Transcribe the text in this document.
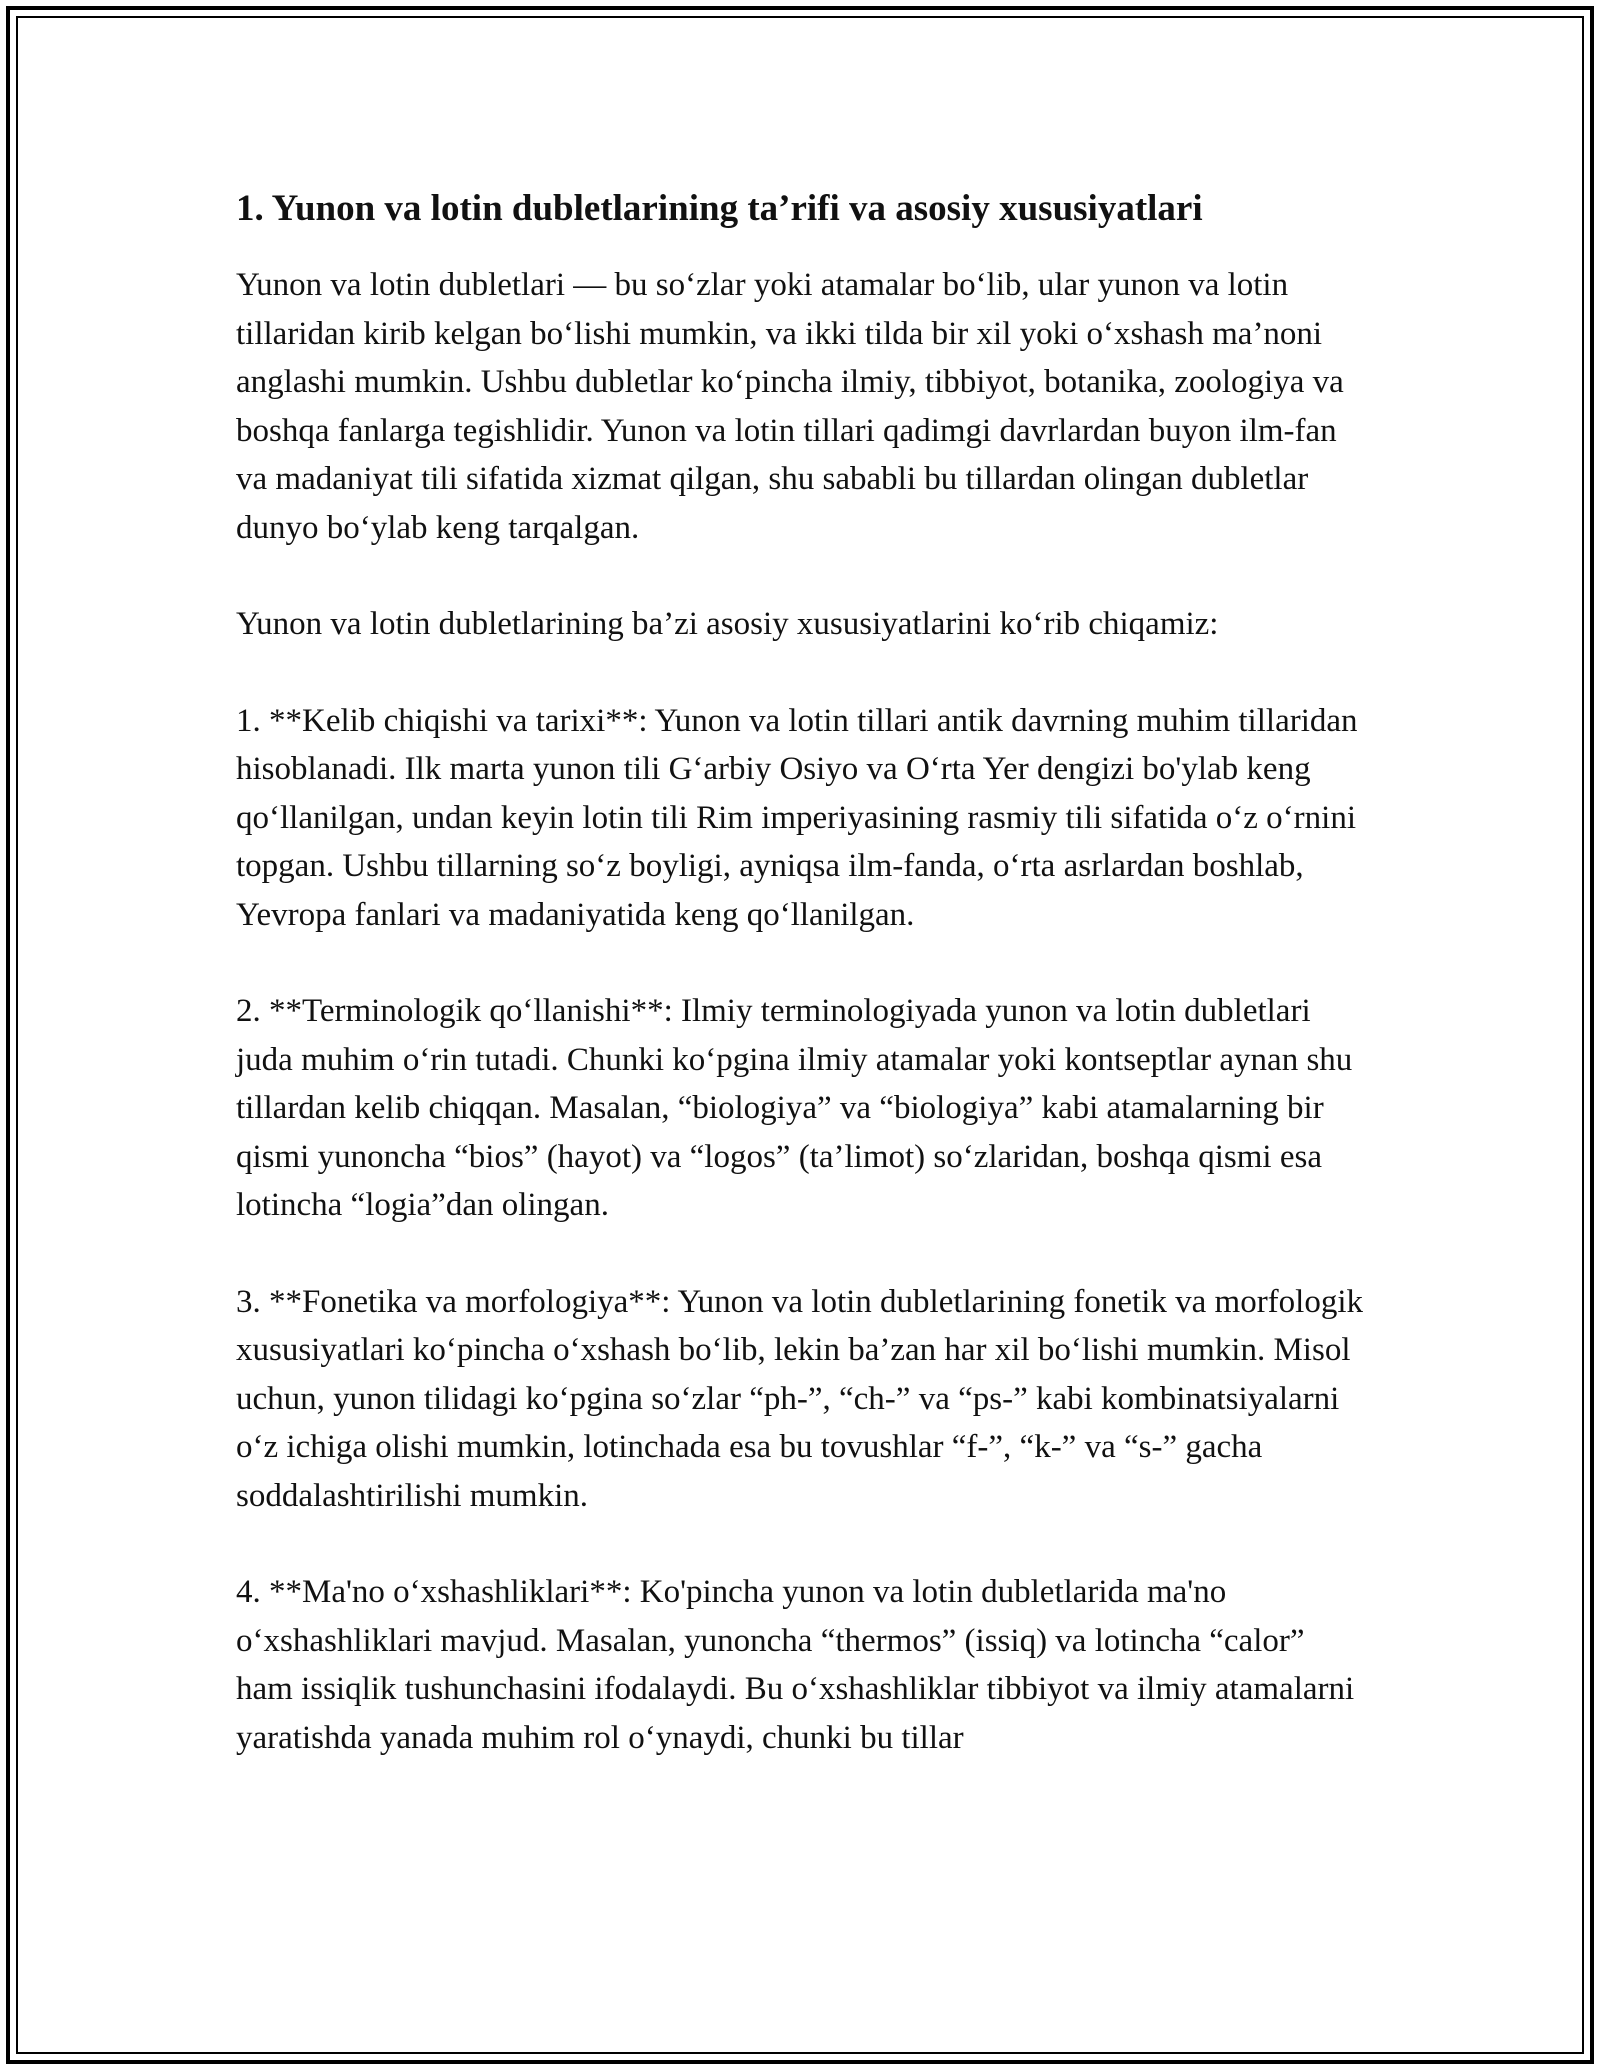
1. Yunon va lotin dubletlarining ta’rifi va asosiy xususiyatlari

Yunon va lotin dubletlari — bu so‘zlar yoki atamalar bo‘lib, ular yunon va lotin tillaridan kirib kelgan bo‘lishi mumkin, va ikki tilda bir xil yoki o‘xshash ma’noni anglashi mumkin. Ushbu dubletlar ko‘pincha ilmiy, tibbiyot, botanika, zoologiya va boshqa fanlarga tegishlidir. Yunon va lotin tillari qadimgi davrlardan buyon ilm-fan va madaniyat tili sifatida xizmat qilgan, shu sababli bu tillardan olingan dubletlar dunyo bo‘ylab keng tarqalgan.

Yunon va lotin dubletlarining ba’zi asosiy xususiyatlarini ko‘rib chiqamiz:

1. **Kelib chiqishi va tarixi**: Yunon va lotin tillari antik davrning muhim tillaridan hisoblanadi. Ilk marta yunon tili G‘arbiy Osiyo va O‘rta Yer dengizi bo'ylab keng qo‘llanilgan, undan keyin lotin tili Rim imperiyasining rasmiy tili sifatida o‘z o‘rnini topgan. Ushbu tillarning so‘z boyligi, ayniqsa ilm-fanda, o‘rta asrlardan boshlab, Yevropa fanlari va madaniyatida keng qo‘llanilgan.

2. **Terminologik qo‘llanishi**: Ilmiy terminologiyada yunon va lotin dubletlari juda muhim o‘rin tutadi. Chunki ko‘pgina ilmiy atamalar yoki kontseptlar aynan shu tillardan kelib chiqqan. Masalan, “biologiya” va “biologiya” kabi atamalarning bir qismi yunoncha “bios” (hayot) va “logos” (ta’limot) so‘zlaridan, boshqa qismi esa lotincha “logia”dan olingan.

3. **Fonetika va morfologiya**: Yunon va lotin dubletlarining fonetik va morfologik xususiyatlari ko‘pincha o‘xshash bo‘lib, lekin ba’zan har xil bo‘lishi mumkin. Misol uchun, yunon tilidagi ko‘pgina so‘zlar “ph-”, “ch-” va “ps-” kabi kombinatsiyalarni o‘z ichiga olishi mumkin, lotinchada esa bu tovushlar “f-”, “k-” va “s-” gacha soddalashtirilishi mumkin.

4. **Ma'no o‘xshashliklari**: Ko'pincha yunon va lotin dubletlarida ma'no o‘xshashliklari mavjud. Masalan, yunoncha “thermos” (issiq) va lotincha “calor” ham issiqlik tushunchasini ifodalaydi. Bu o‘xshashliklar tibbiyot va ilmiy atamalarni yaratishda yanada muhim rol o‘ynaydi, chunki bu tillar
